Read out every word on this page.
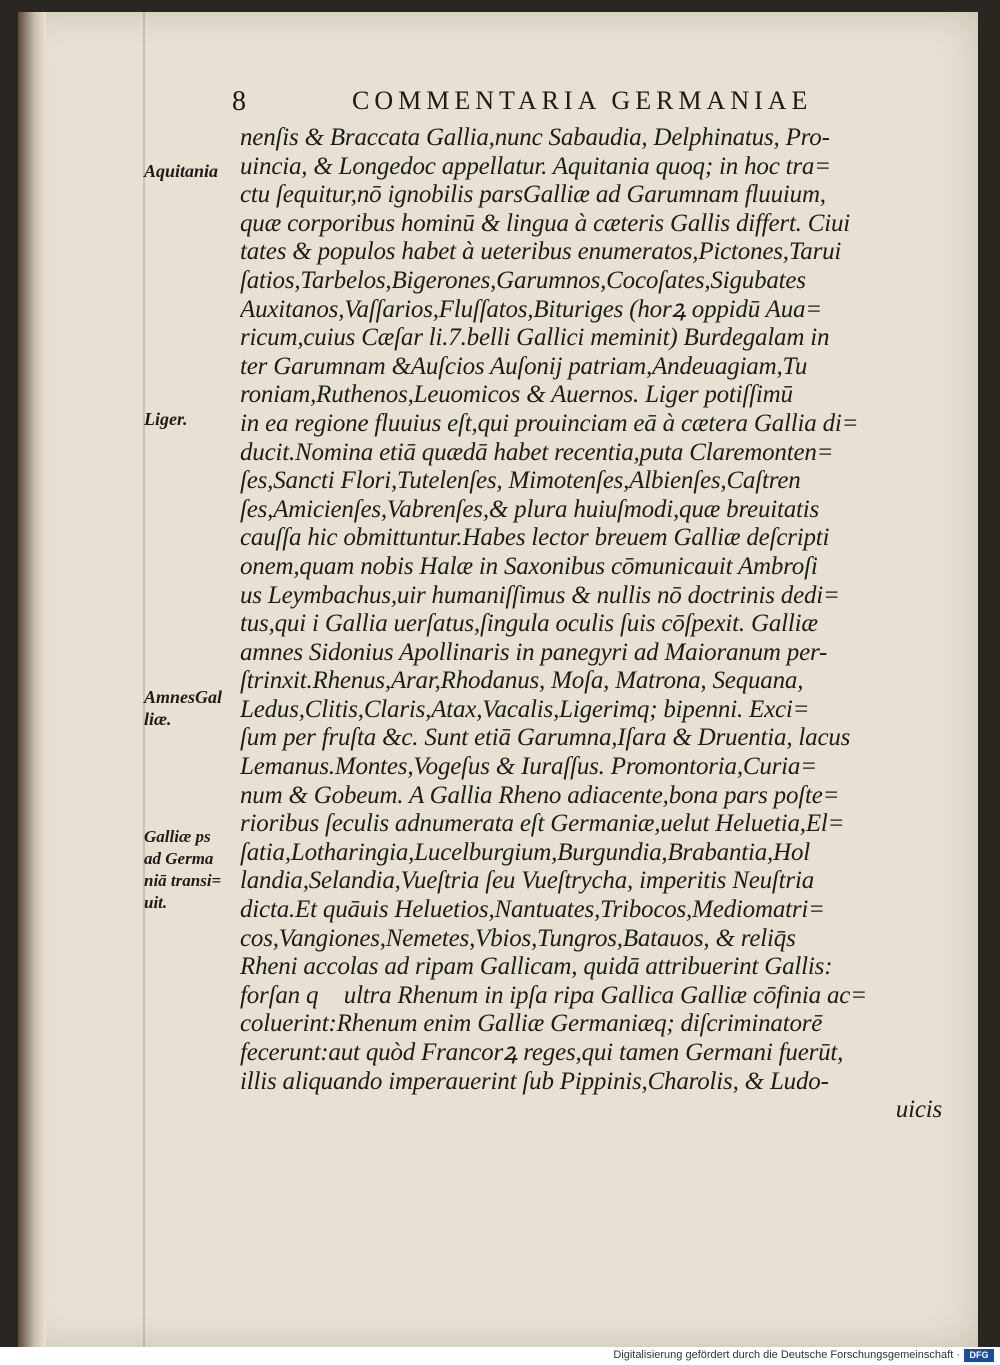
8	COMMENTARIA GERMANIAE
Aquitania
Liger.
AmnesGal
liæ.
Galliæ ps
ad Germa
niā transi=
uit.
nenſis & Braccata Gallia,nunc Sabaudia, Delphinatus, Pro-
uincia, & Longedoc appellatur. Aquitania quoq; in hoc tra=
ctu ſequitur,nō ignobilis parsGalliæ ad Garumnam fluuium,
quæ corporibus hominū & lingua à cæteris Gallis differt. Ciui
tates & populos habet à ueteribus enumeratos,Pictones,Tarui
ſatios,Tarbelos,Bigerones,Garumnos,Cocoſates,Sigubates
Auxitanos,Vaſſarios,Fluſſatos,Bituriges (horꝝ oppidū Aua=
ricum,cuius Cæſar li.7.belli Gallici meminit) Burdegalam in
ter Garumnam &Auſcios Auſonij patriam,Andeuagiam,Tu
roniam,Ruthenos,Leuomicos & Auernos. Liger potiſſimū
in ea regione fluuius eſt,qui prouinciam eā à cætera Gallia di=
ducit.Nomina etiā quædā habet recentia,puta Claremonten=
ſes,Sancti Flori,Tutelenſes, Mimotenſes,Albienſes,Caſtren
ſes,Amicienſes,Vabrenſes,& plura huiuſmodi,quæ breuitatis
cauſſa hic obmittuntur.Habes lector breuem Galliæ deſcripti
onem,quam nobis Halæ in Saxonibus cōmunicauit Ambroſi
us Leymbachus,uir humaniſſimus & nullis nō doctrinis dedi=
tus,qui i Gallia uerſatus,ſingula oculis ſuis cōſpexit. Galliæ
amnes Sidonius Apollinaris in panegyri ad Maioranum per-
ſtrinxit.Rhenus,Arar,Rhodanus, Moſa, Matrona, Sequana,
Ledus,Clitis,Claris,Atax,Vacalis,Ligerimq; bipenni. Exci=
ſum per fruſta &c. Sunt etiā Garumna,Iſara & Druentia, lacus
Lemanus.Montes,Vogeſus & Iuraſſus. Promontoria,Curia=
num & Gobeum. A Gallia Rheno adiacente,bona pars poſte=
rioribus ſeculis adnumerata eſt Germaniæ,uelut Heluetia,El=
ſatia,Lotharingia,Lucelburgium,Burgundia,Brabantia,Hol
landia,Selandia,Vueſtria ſeu Vueſtrycha, imperitis Neuſtria
dicta.Et quāuis Heluetios,Nantuates,Tribocos,Mediomatri=
cos,Vangiones,Nemetes,Vbios,Tungros,Batauos, & reliq̄s
Rheni accolas ad ripam Gallicam, quidā attribuerint Gallis:
forſan q᷑ ultra Rhenum in ipſa ripa Gallica Galliæ cōfinia ac=
coluerint:Rhenum enim Galliæ Germaniæq; diſcriminatorē
fecerunt:aut quòd Francorꝝ reges,qui tamen Germani fuerūt,
illis aliquando imperauerint ſub Pippinis,Charolis, & Ludo-
uicis
Digitalisierung gefördert durch die Deutsche Forschungsgemeinschaft ·	DFG
